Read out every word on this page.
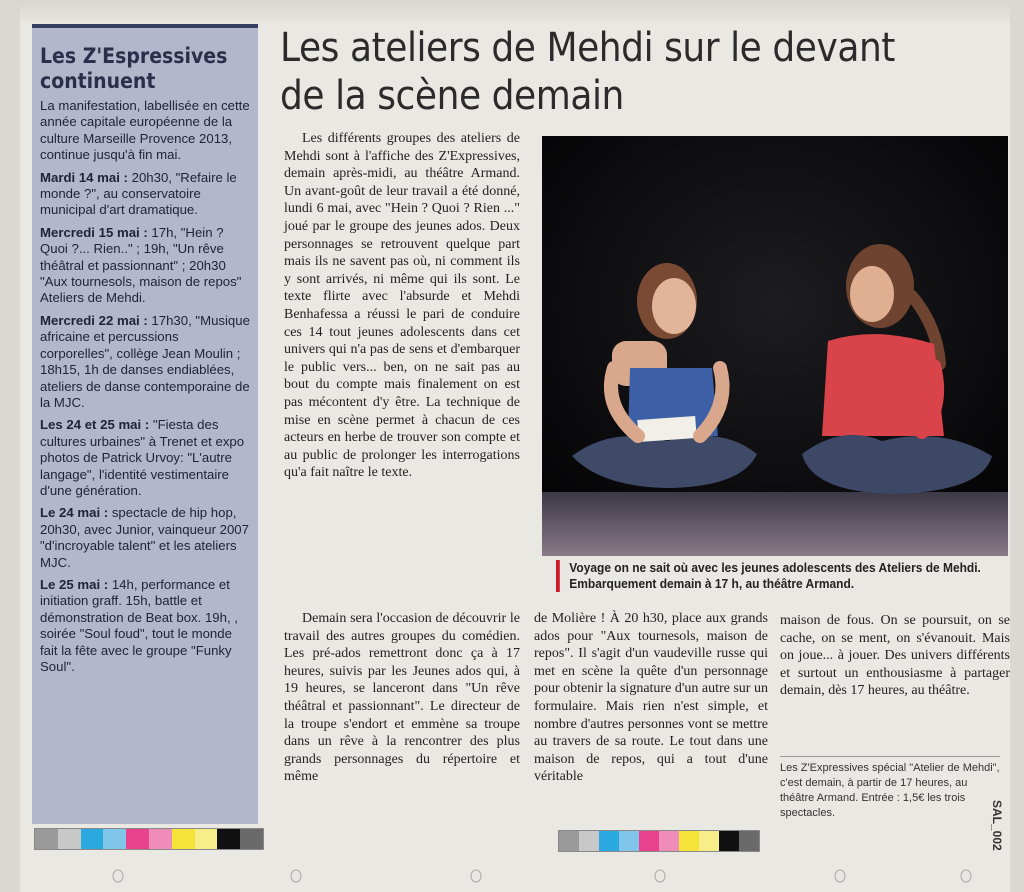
Les Z'Espressives
continuent

La manifestation, labellisée en cette année capitale européenne de la culture Marseille Provence 2013, continue jusqu'à fin mai.

Mardi 14 mai : 20h30, "Refaire le monde ?", au conservatoire municipal d'art dramatique.

Mercredi 15 mai : 17h, "Hein ? Quoi ?... Rien.." ; 19h, "Un rêve théâtral et passionnant" ; 20h30 "Aux tournesols, maison de repos" Ateliers de Mehdi.

Mercredi 22 mai : 17h30, "Musique africaine et percussions corporelles", collège Jean Moulin ; 18h15, 1h de danses endiablées, ateliers de danse contemporaine de la MJC.

Les 24 et 25 mai : "Fiesta des cultures urbaines" à Trenet et expo photos de Patrick Urvoy: "L'autre langage", l'identité vestimentaire d'une génération.

Le 24 mai : spectacle de hip hop, 20h30, avec Junior, vainqueur 2007 "d'incroyable talent" et les ateliers MJC.

Le 25 mai : 14h, performance et initiation graff. 15h, battle et démonstration de Beat box. 19h, , soirée "Soul foud", tout le monde fait la fête avec le groupe "Funky Soul".

Les ateliers de Mehdi sur le devant
de la scène demain

Les différents groupes des ateliers de Mehdi sont à l'affiche des Z'Expressives, demain après-midi, au théâtre Armand. Un avant-goût de leur travail a été donné, lundi 6 mai, avec "Hein ? Quoi ? Rien ..." joué par le groupe des jeunes ados. Deux personnages se retrouvent quelque part mais ils ne savent pas où, ni comment ils y sont arrivés, ni même qui ils sont. Le texte flirte avec l'absurde et Mehdi Benhafessa a réussi le pari de conduire ces 14 tout jeunes adolescents dans cet univers qui n'a pas de sens et d'embarquer le public vers... ben, on ne sait pas au bout du compte mais finalement on est pas mécontent d'y être. La technique de mise en scène permet à chacun de ces acteurs en herbe de trouver son compte et au public de prolonger les interrogations qu'a fait naître le texte.

Voyage on ne sait où avec les jeunes adolescents des Ateliers de Mehdi. Embarquement demain à 17 h, au théâtre Armand.

Demain sera l'occasion de découvrir le travail des autres groupes du comédien. Les pré-ados remettront donc ça à 17 heures, suivis par les Jeunes ados qui, à 19 heures, se lanceront dans "Un rêve théâtral et passionnant". Le directeur de la troupe s'endort et emmène sa troupe dans un rêve à la rencontrer des plus grands personnages du répertoire et même

de Molière ! À 20 h30, place aux grands ados pour "Aux tournesols, maison de repos". Il s'agit d'un vaudeville russe qui met en scène la quête d'un personnage pour obtenir la signature d'un autre sur un formulaire. Mais rien n'est simple, et nombre d'autres personnes vont se mettre au travers de sa route. Le tout dans une maison de repos, qui a tout d'une véritable

maison de fous. On se poursuit, on se cache, on se ment, on s'évanouit. Mais on joue... à jouer. Des univers différents et surtout un enthousiasme à partager demain, dès 17 heures, au théâtre.

Les Z'Expressives spécial "Atelier de Mehdi", c'est demain, à partir de 17 heures, au théâtre Armand. Entrée : 1,5€ les trois spectacles.	SAL_002
